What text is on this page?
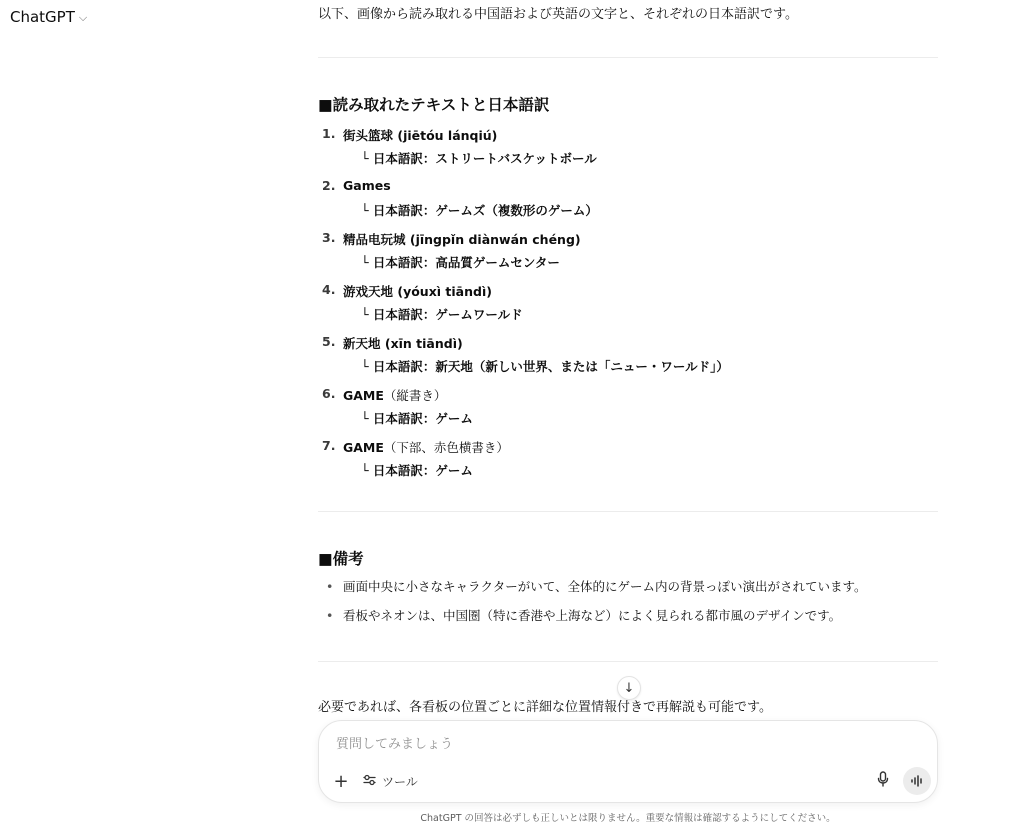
ChatGPT ⌵	以下、画像から読み取れる中国語および英語の文字と、それぞれの日本語訳です。
■読み取れたテキストと日本語訳
1. 街头篮球 (jiētóu lánqiú)
└ 日本語訳：ストリートバスケットボール
2. Games
└ 日本語訳：ゲームズ（複数形のゲーム）
3. 精品电玩城 (jīngpǐn diànwán chéng)
└ 日本語訳：高品質ゲームセンター
4. 游戏天地 (yóuxì tiāndì)
└ 日本語訳：ゲームワールド
5. 新天地 (xīn tiāndì)
└ 日本語訳：新天地（新しい世界、または「ニュー・ワールド」）
6. GAME（縦書き）
└ 日本語訳：ゲーム
7. GAME（下部、赤色横書き）
└ 日本語訳：ゲーム
■備考
• 画面中央に小さなキャラクターがいて、全体的にゲーム内の背景っぽい演出がされています。
• 看板やネオンは、中国圏（特に香港や上海など）によく見られる都市風のデザインです。
↓
必要であれば、各看板の位置ごとに詳細な位置情報付きで再解説も可能です。
質問してみましょう
+	ツール
ChatGPT の回答は必ずしも正しいとは限りません。重要な情報は確認するようにしてください。
